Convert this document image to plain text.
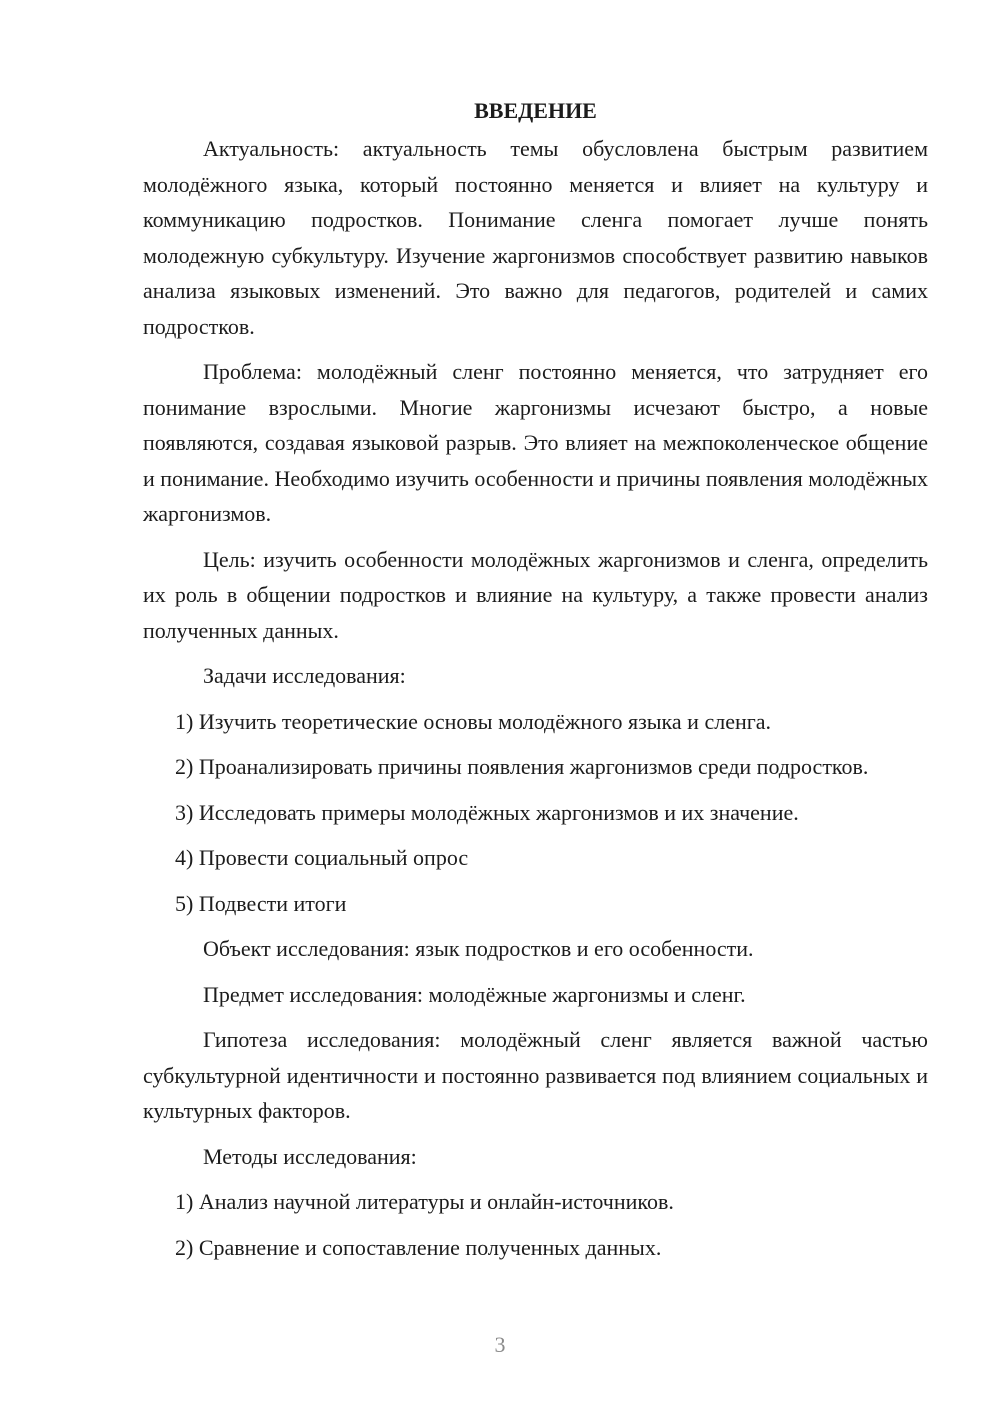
ВВЕДЕНИЕ

Актуальность: актуальность темы обусловлена быстрым развитием молодёжного языка, который постоянно меняется и влияет на культуру и коммуникацию подростков. Понимание сленга помогает лучше понять молодежную субкультуру. Изучение жаргонизмов способствует развитию навыков анализа языковых изменений. Это важно для педагогов, родителей и самих подростков.

Проблема: молодёжный сленг постоянно меняется, что затрудняет его понимание взрослыми. Многие жаргонизмы исчезают быстро, а новые появляются, создавая языковой разрыв. Это влияет на межпоколенческое общение и понимание. Необходимо изучить особенности и причины появления молодёжных жаргонизмов.

Цель: изучить особенности молодёжных жаргонизмов и сленга, определить их роль в общении подростков и влияние на культуру, а также провести анализ полученных данных.

Задачи исследования:

1) Изучить теоретические основы молодёжного языка и сленга.

2) Проанализировать причины появления жаргонизмов среди подростков.

3) Исследовать примеры молодёжных жаргонизмов и их значение.

4) Провести социальный опрос

5) Подвести итоги

Объект исследования: язык подростков и его особенности.

Предмет исследования: молодёжные жаргонизмы и сленг.

Гипотеза исследования: молодёжный сленг является важной частью субкультурной идентичности и постоянно развивается под влиянием социальных и культурных факторов.

Методы исследования:

1) Анализ научной литературы и онлайн-источников.

2) Сравнение и сопоставление полученных данных.

3
